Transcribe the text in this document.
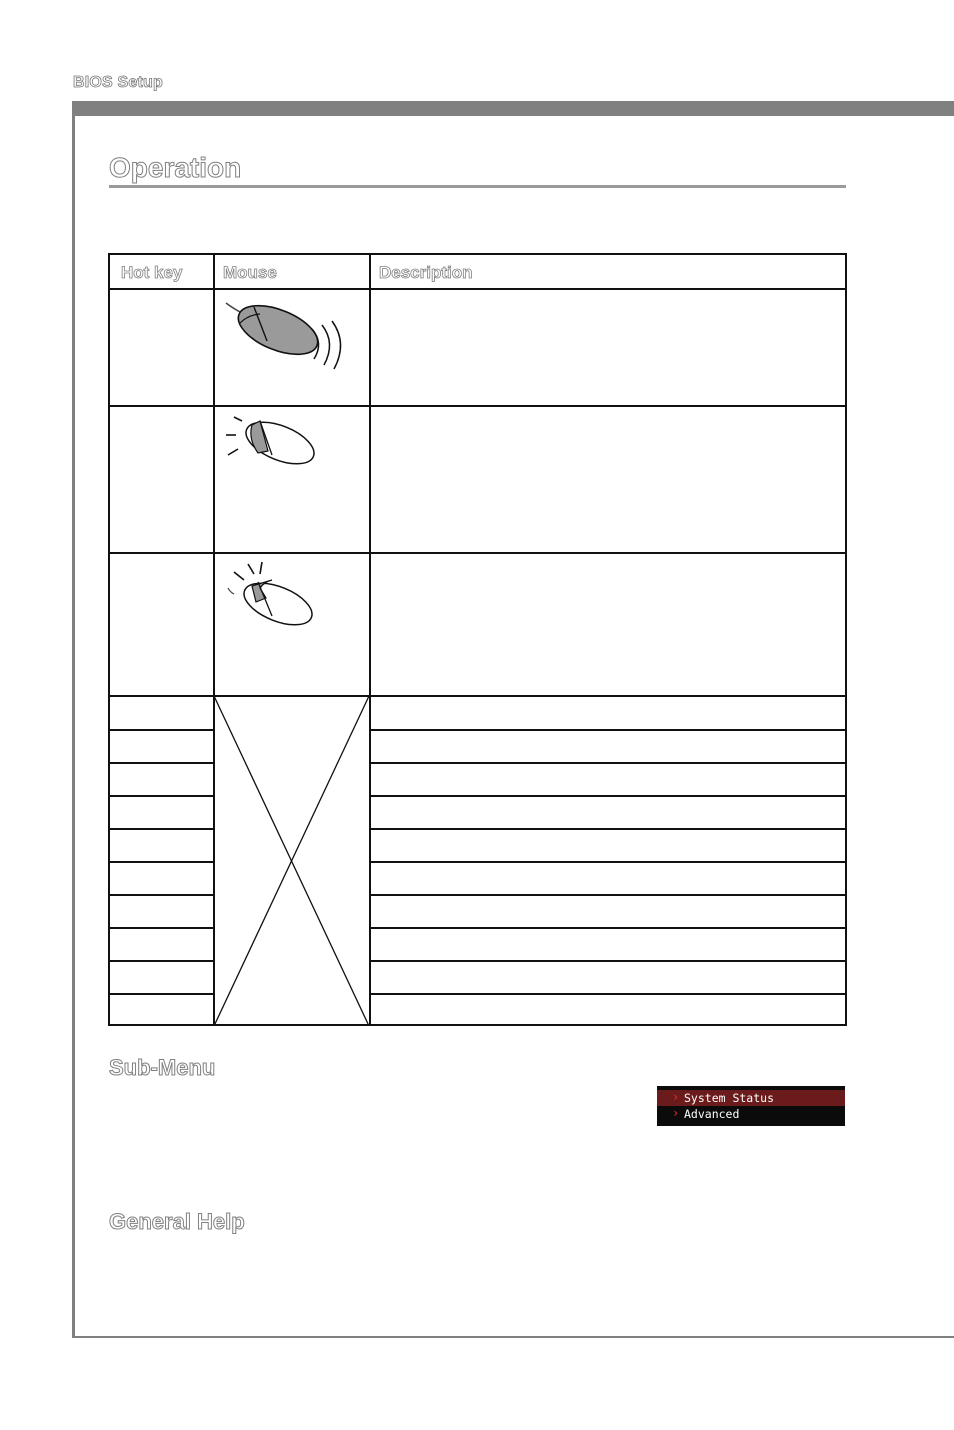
BIOS Setup
Operation
Hot key Mouse	Description
Sub-Menu
› System Status
› Advanced
General Help
